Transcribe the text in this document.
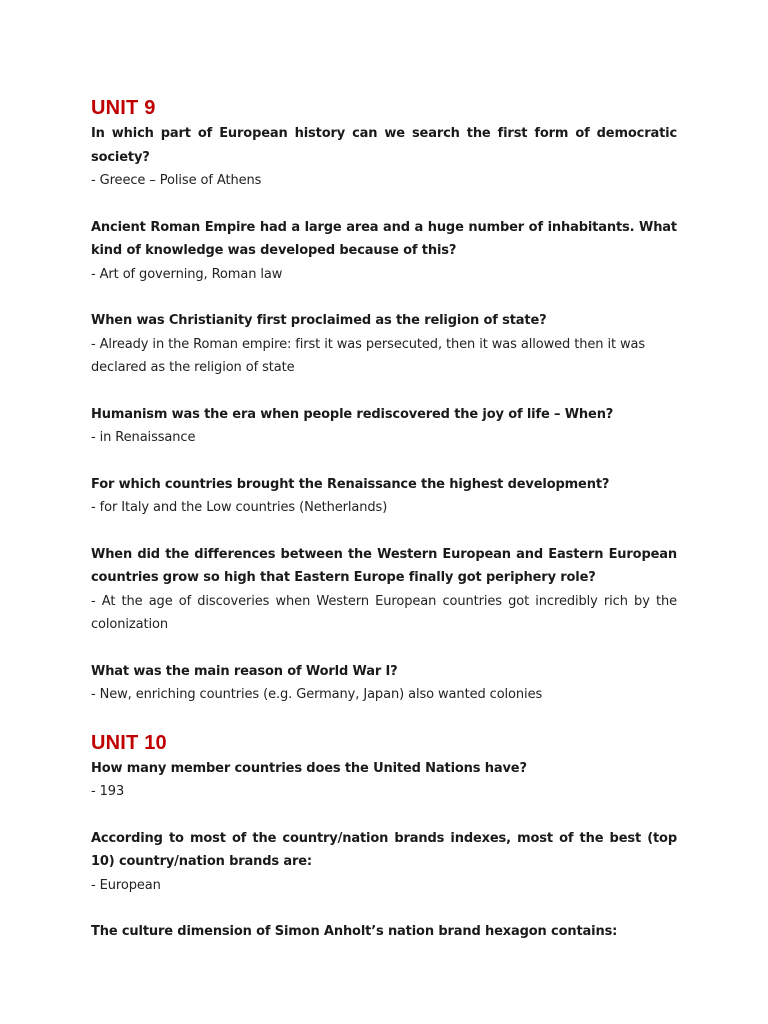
UNIT 9

In which part of European history can we search the first form of democratic society?

- Greece – Polise of Athens

Ancient Roman Empire had a large area and a huge number of inhabitants. What kind of knowledge was developed because of this?

- Art of governing, Roman law

When was Christianity first proclaimed as the religion of state?

- Already in the Roman empire: first it was persecuted, then it was allowed then it was declared as the religion of state

Humanism was the era when people rediscovered the joy of life – When?

- in Renaissance

For which countries brought the Renaissance the highest development?

- for Italy and the Low countries (Netherlands)

When did the differences between the Western European and Eastern European countries grow so high that Eastern Europe finally got periphery role?

- At the age of discoveries when Western European countries got incredibly rich by the colonization

What was the main reason of World War I?

- New, enriching countries (e.g. Germany, Japan) also wanted colonies

UNIT 10

How many member countries does the United Nations have?

- 193

According to most of the country/nation brands indexes, most of the best (top 10) country/nation brands are:

- European

The culture dimension of Simon Anholt’s nation brand hexagon contains:
